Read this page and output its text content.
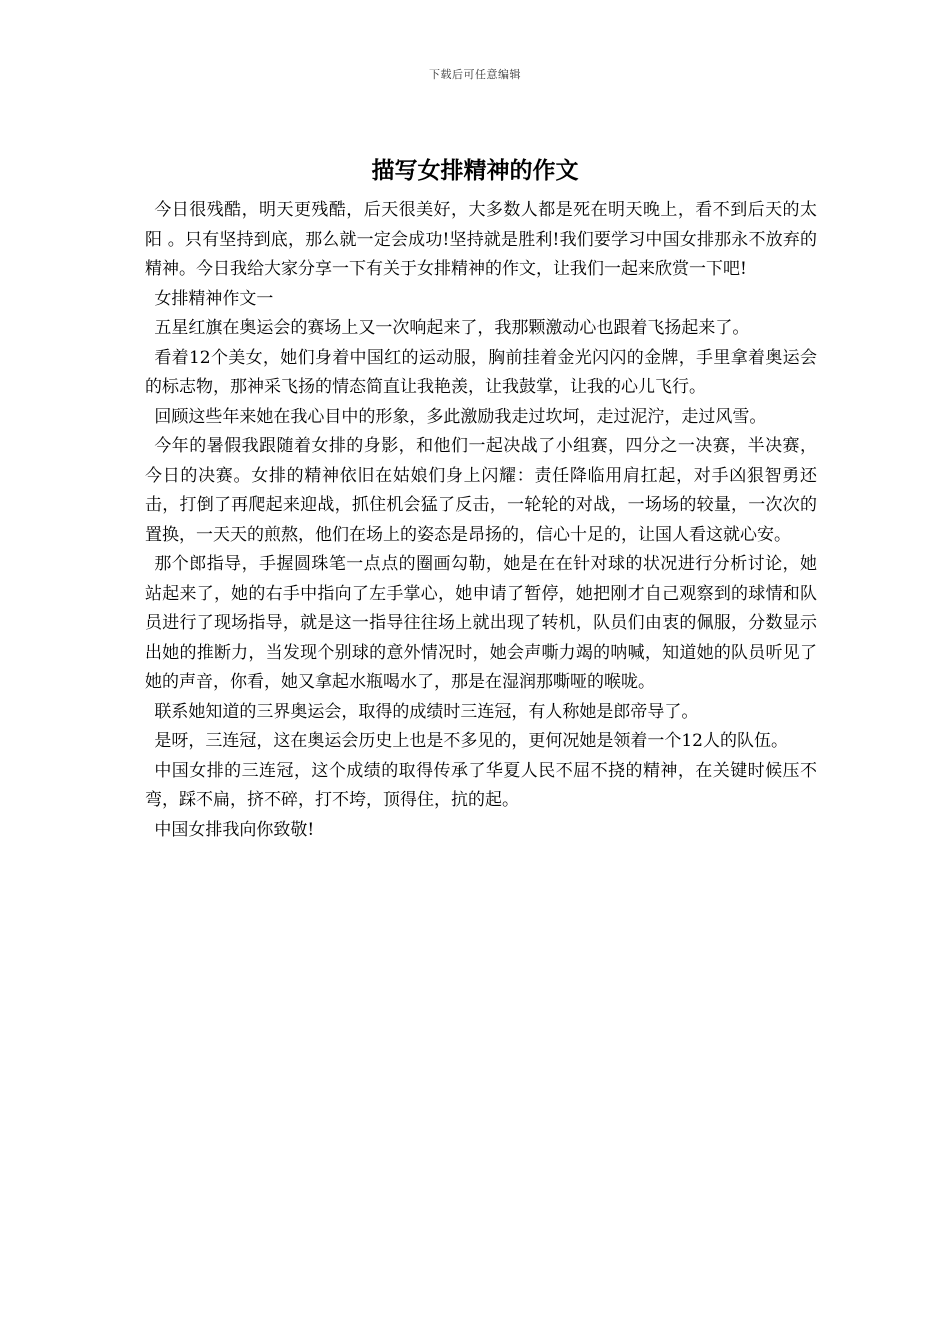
下载后可任意编辑
描写女排精神的作文

今日很残酷，明天更残酷，后天很美好，大多数人都是死在明天晚上，看不到后天的太阳 。只有坚持到底，那么就一定会成功!坚持就是胜利!我们要学习中国女排那永不放弃的精神。今日我给大家分享一下有关于女排精神的作文，让我们一起来欣赏一下吧!

女排精神作文一

五星红旗在奥运会的赛场上又一次响起来了，我那颗激动心也跟着飞扬起来了。

看着12个美女，她们身着中国红的运动服，胸前挂着金光闪闪的金牌，手里拿着奥运会的标志物，那神采飞扬的情态简直让我艳羡，让我鼓掌，让我的心儿飞行。

回顾这些年来她在我心目中的形象，多此激励我走过坎坷，走过泥泞，走过风雪。

今年的暑假我跟随着女排的身影，和他们一起决战了小组赛，四分之一决赛，半决赛，今日的决赛。女排的精神依旧在姑娘们身上闪耀：责任降临用肩扛起，对手凶狠智勇还击，打倒了再爬起来迎战，抓住机会猛了反击，一轮轮的对战，一场场的较量，一次次的置换，一天天的煎熬，他们在场上的姿态是昂扬的，信心十足的，让国人看这就心安。

那个郎指导，手握圆珠笔一点点的圈画勾勒，她是在在针对球的状况进行分析讨论，她站起来了，她的右手中指向了左手掌心，她申请了暂停，她把刚才自己观察到的球情和队员进行了现场指导，就是这一指导往往场上就出现了转机，队员们由衷的佩服，分数显示出她的推断力，当发现个别球的意外情况时，她会声嘶力竭的呐喊，知道她的队员听见了她的声音，你看，她又拿起水瓶喝水了，那是在湿润那嘶哑的喉咙。

联系她知道的三界奥运会，取得的成绩时三连冠，有人称她是郎帝导了。

是呀，三连冠，这在奥运会历史上也是不多见的，更何况她是领着一个12人的队伍。

中国女排的三连冠，这个成绩的取得传承了华夏人民不屈不挠的精神，在关键时候压不弯，踩不扁，挤不碎，打不垮，顶得住，抗的起。

中国女排我向你致敬!
